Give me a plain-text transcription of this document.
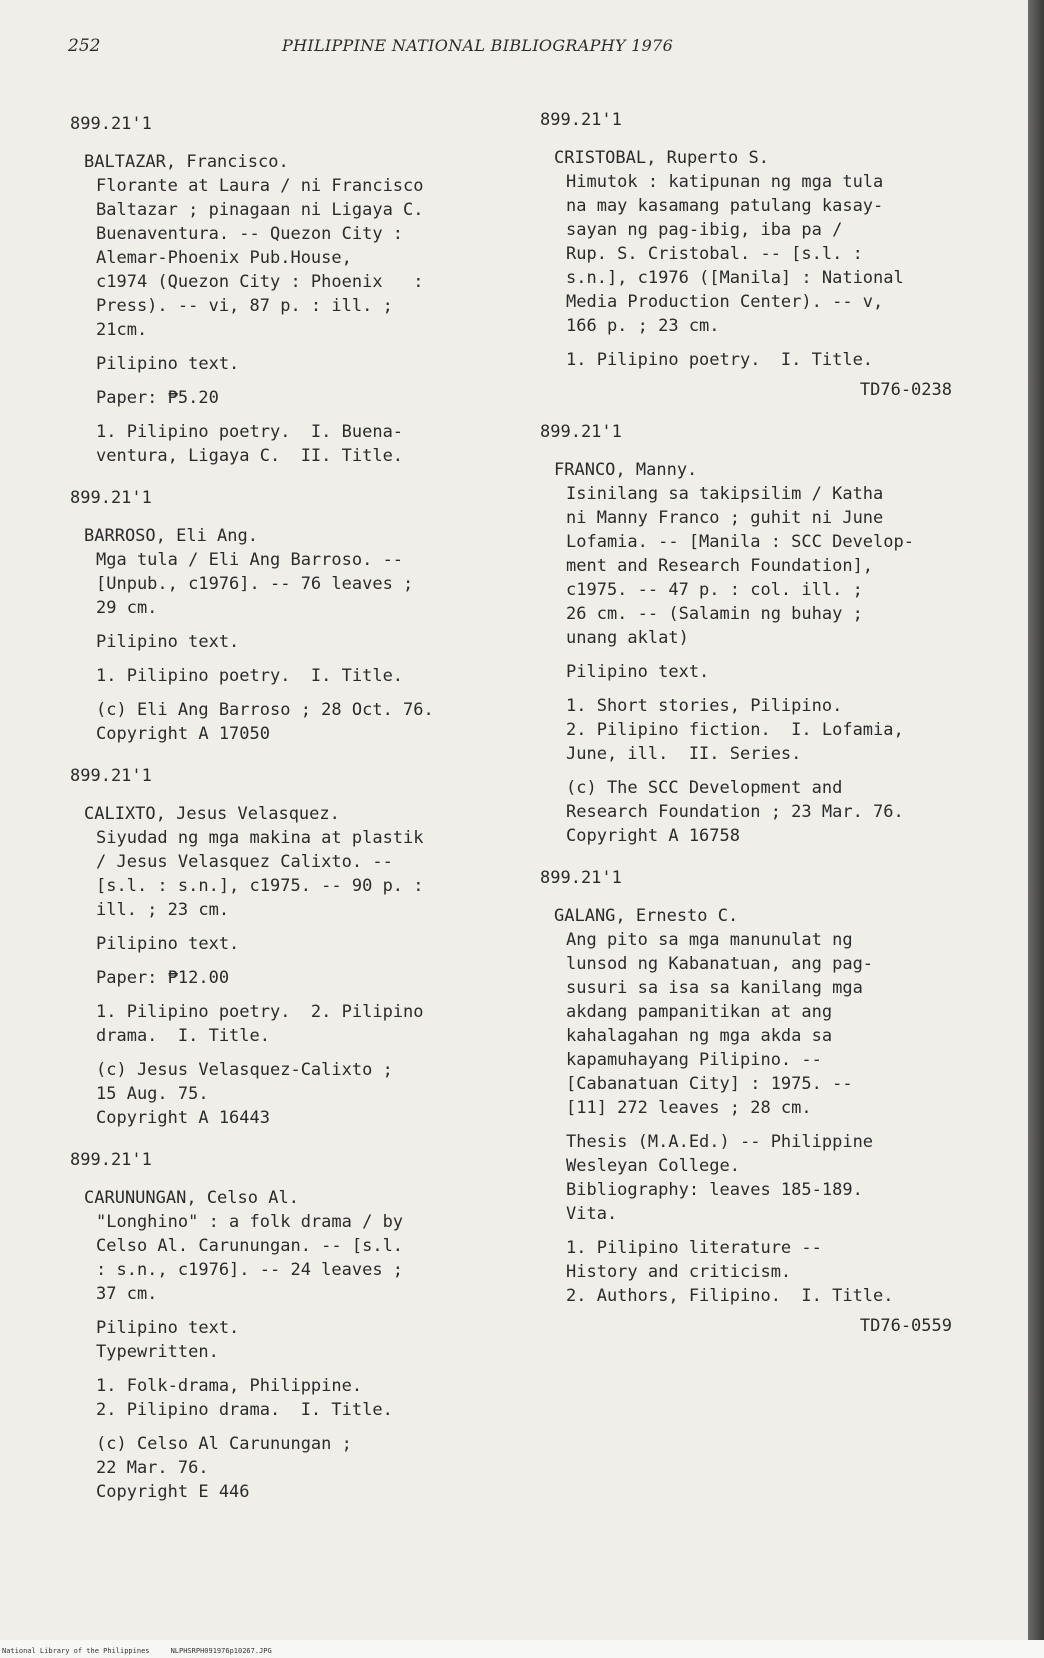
252	PHILIPPINE NATIONAL BIBLIOGRAPHY 1976
899.21'1
BALTAZAR, Francisco.
Florante at Laura / ni Francisco
Baltazar ; pinagaan ni Ligaya C.
Buenaventura. -- Quezon City :
Alemar-Phoenix Pub.House,
c1974 (Quezon City : Phoenix   :
Press). -- vi, 87 p. : ill. ;
21cm.
Pilipino text.
Paper: ₱5.20
1. Pilipino poetry.  I. Buena-
ventura, Ligaya C.  II. Title.
899.21'1
BARROSO, Eli Ang.
Mga tula / Eli Ang Barroso. --
[Unpub., c1976]. -- 76 leaves ;
29 cm.
Pilipino text.
1. Pilipino poetry.  I. Title.
(c) Eli Ang Barroso ; 28 Oct. 76.
Copyright A 17050
899.21'1
CALIXTO, Jesus Velasquez.
Siyudad ng mga makina at plastik
/ Jesus Velasquez Calixto. --
[s.l. : s.n.], c1975. -- 90 p. :
ill. ; 23 cm.
Pilipino text.
Paper: ₱12.00
1. Pilipino poetry.  2. Pilipino
drama.  I. Title.
(c) Jesus Velasquez-Calixto ;
15 Aug. 75.
Copyright A 16443
899.21'1
CARUNUNGAN, Celso Al.
"Longhino" : a folk drama / by
Celso Al. Carunungan. -- [s.l.
: s.n., c1976]. -- 24 leaves ;
37 cm.
Pilipino text.
Typewritten.
1. Folk-drama, Philippine.
2. Pilipino drama.  I. Title.
(c) Celso Al Carunungan ;
22 Mar. 76.
Copyright E 446
899.21'1
CRISTOBAL, Ruperto S.
Himutok : katipunan ng mga tula
na may kasamang patulang kasay-
sayan ng pag-ibig, iba pa /
Rup. S. Cristobal. -- [s.l. :
s.n.], c1976 ([Manila] : National
Media Production Center). -- v,
166 p. ; 23 cm.
1. Pilipino poetry.  I. Title.
TD76-0238
899.21'1
FRANCO, Manny.
Isinilang sa takipsilim / Katha
ni Manny Franco ; guhit ni June
Lofamia. -- [Manila : SCC Develop-
ment and Research Foundation],
c1975. -- 47 p. : col. ill. ;
26 cm. -- (Salamin ng buhay ;
unang aklat)
Pilipino text.
1. Short stories, Pilipino.
2. Pilipino fiction.  I. Lofamia,
June, ill.  II. Series.
(c) The SCC Development and
Research Foundation ; 23 Mar. 76.
Copyright A 16758
899.21'1
GALANG, Ernesto C.
Ang pito sa mga manunulat ng
lunsod ng Kabanatuan, ang pag-
susuri sa isa sa kanilang mga
akdang pampanitikan at ang
kahalagahan ng mga akda sa
kapamuhayang Pilipino. --
[Cabanatuan City] : 1975. --
[11] 272 leaves ; 28 cm.
Thesis (M.A.Ed.) -- Philippine
Wesleyan College.
Bibliography: leaves 185-189.
Vita.
1. Pilipino literature --
History and criticism.
2. Authors, Filipino.  I. Title.
TD76-0559
National Library of the Philippines     NLPHSRPH091976p10267.JPG
